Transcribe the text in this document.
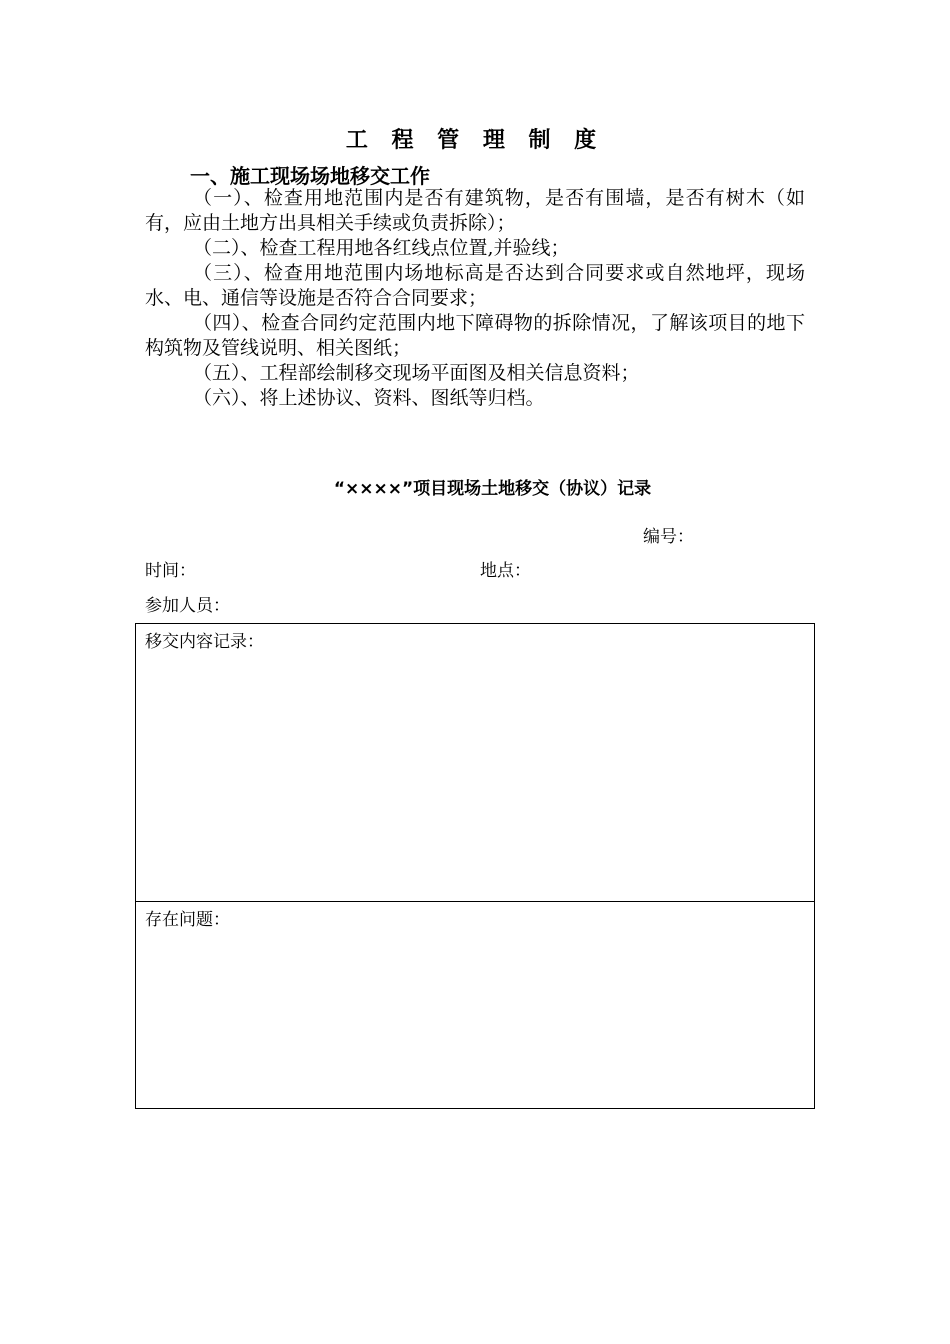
工 程 管 理 制 度
一、施工现场场地移交工作

（一）、检查用地范围内是否有建筑物，是否有围墙，是否有树木（如有，应由土地方出具相关手续或负责拆除）；

（二）、检查工程用地各红线点位置,并验线；

（三）、检查用地范围内场地标高是否达到合同要求或自然地坪，现场水、电、通信等设施是否符合合同要求；

（四）、检查合同约定范围内地下障碍物的拆除情况，了解该项目的地下构筑物及管线说明、相关图纸；

（五）、工程部绘制移交现场平面图及相关信息资料；

（六）、将上述协议、资料、图纸等归档。

“××××”项目现场土地移交（协议）记录
编号：
时间：	地点：
参加人员：
移交内容记录：
存在问题：
